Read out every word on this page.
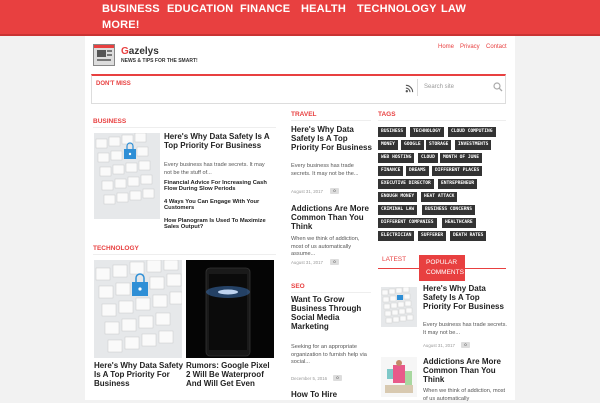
BUSINESS EDUCATION FINANCE HEALTH TECHNOLOGY LAW
MORE!
Gazelys
NEWS & TIPS FOR THE SMART!
Home Privacy Contact
DON'T MISS	Search site
BUSINESS
Here's Why Data Safety Is A Top Priority For Business
Every business has trade secrets. It may not be the stuff of...
Financial Advice For Increasing Cash Flow During Slow Periods
4 Ways You Can Engage With Your Customers
How Planogram Is Used To Maximize Sales Output?
TECHNOLOGY
Here's Why Data Safety Is A Top Priority For Business
Rumors: Google Pixel 2 Will Be Waterproof And Will Get Even
TRAVEL
Here's Why Data Safety Is A Top Priority For Business
Every business has trade secrets. It may not be the...
August 31, 2017	0
Addictions Are More Common Than You Think
When we think of addiction, most of us automatically assume...
August 31, 2017	0
SEO
Want To Grow Business Through Social Media Marketing
Seeking for an appropriate organization to furnish help via social...
December 5, 2016	0
How To Hire
TAGS
BUSINESS	TECHNOLOGY	CLOUD COMPUTING
MONEY	GOOGLE	STORAGE	INVESTMENTS
WEB HOSTING	CLOUD	MONTH OF JUNE
FINANCE	DREAMS	DIFFERENT PLACES
EXECUTIVE DIRECTOR	ENTREPRENEUR
ENOUGH MONEY	HEAT ATTACK
CRIMINAL LAW	BUSINESS CONCERNS
DIFFERENT COMPANIES	HEALTHCARE
ELECTRICIAN	SUFFERER	DEATH RATES
LATEST	POPULAR
COMMENTS
Here's Why Data Safety Is A Top Priority For Business
Every business has trade secrets. It may not be...
August 31, 2017	0
Addictions Are More Common Than You Think
When we think of addiction, most of us automatically
